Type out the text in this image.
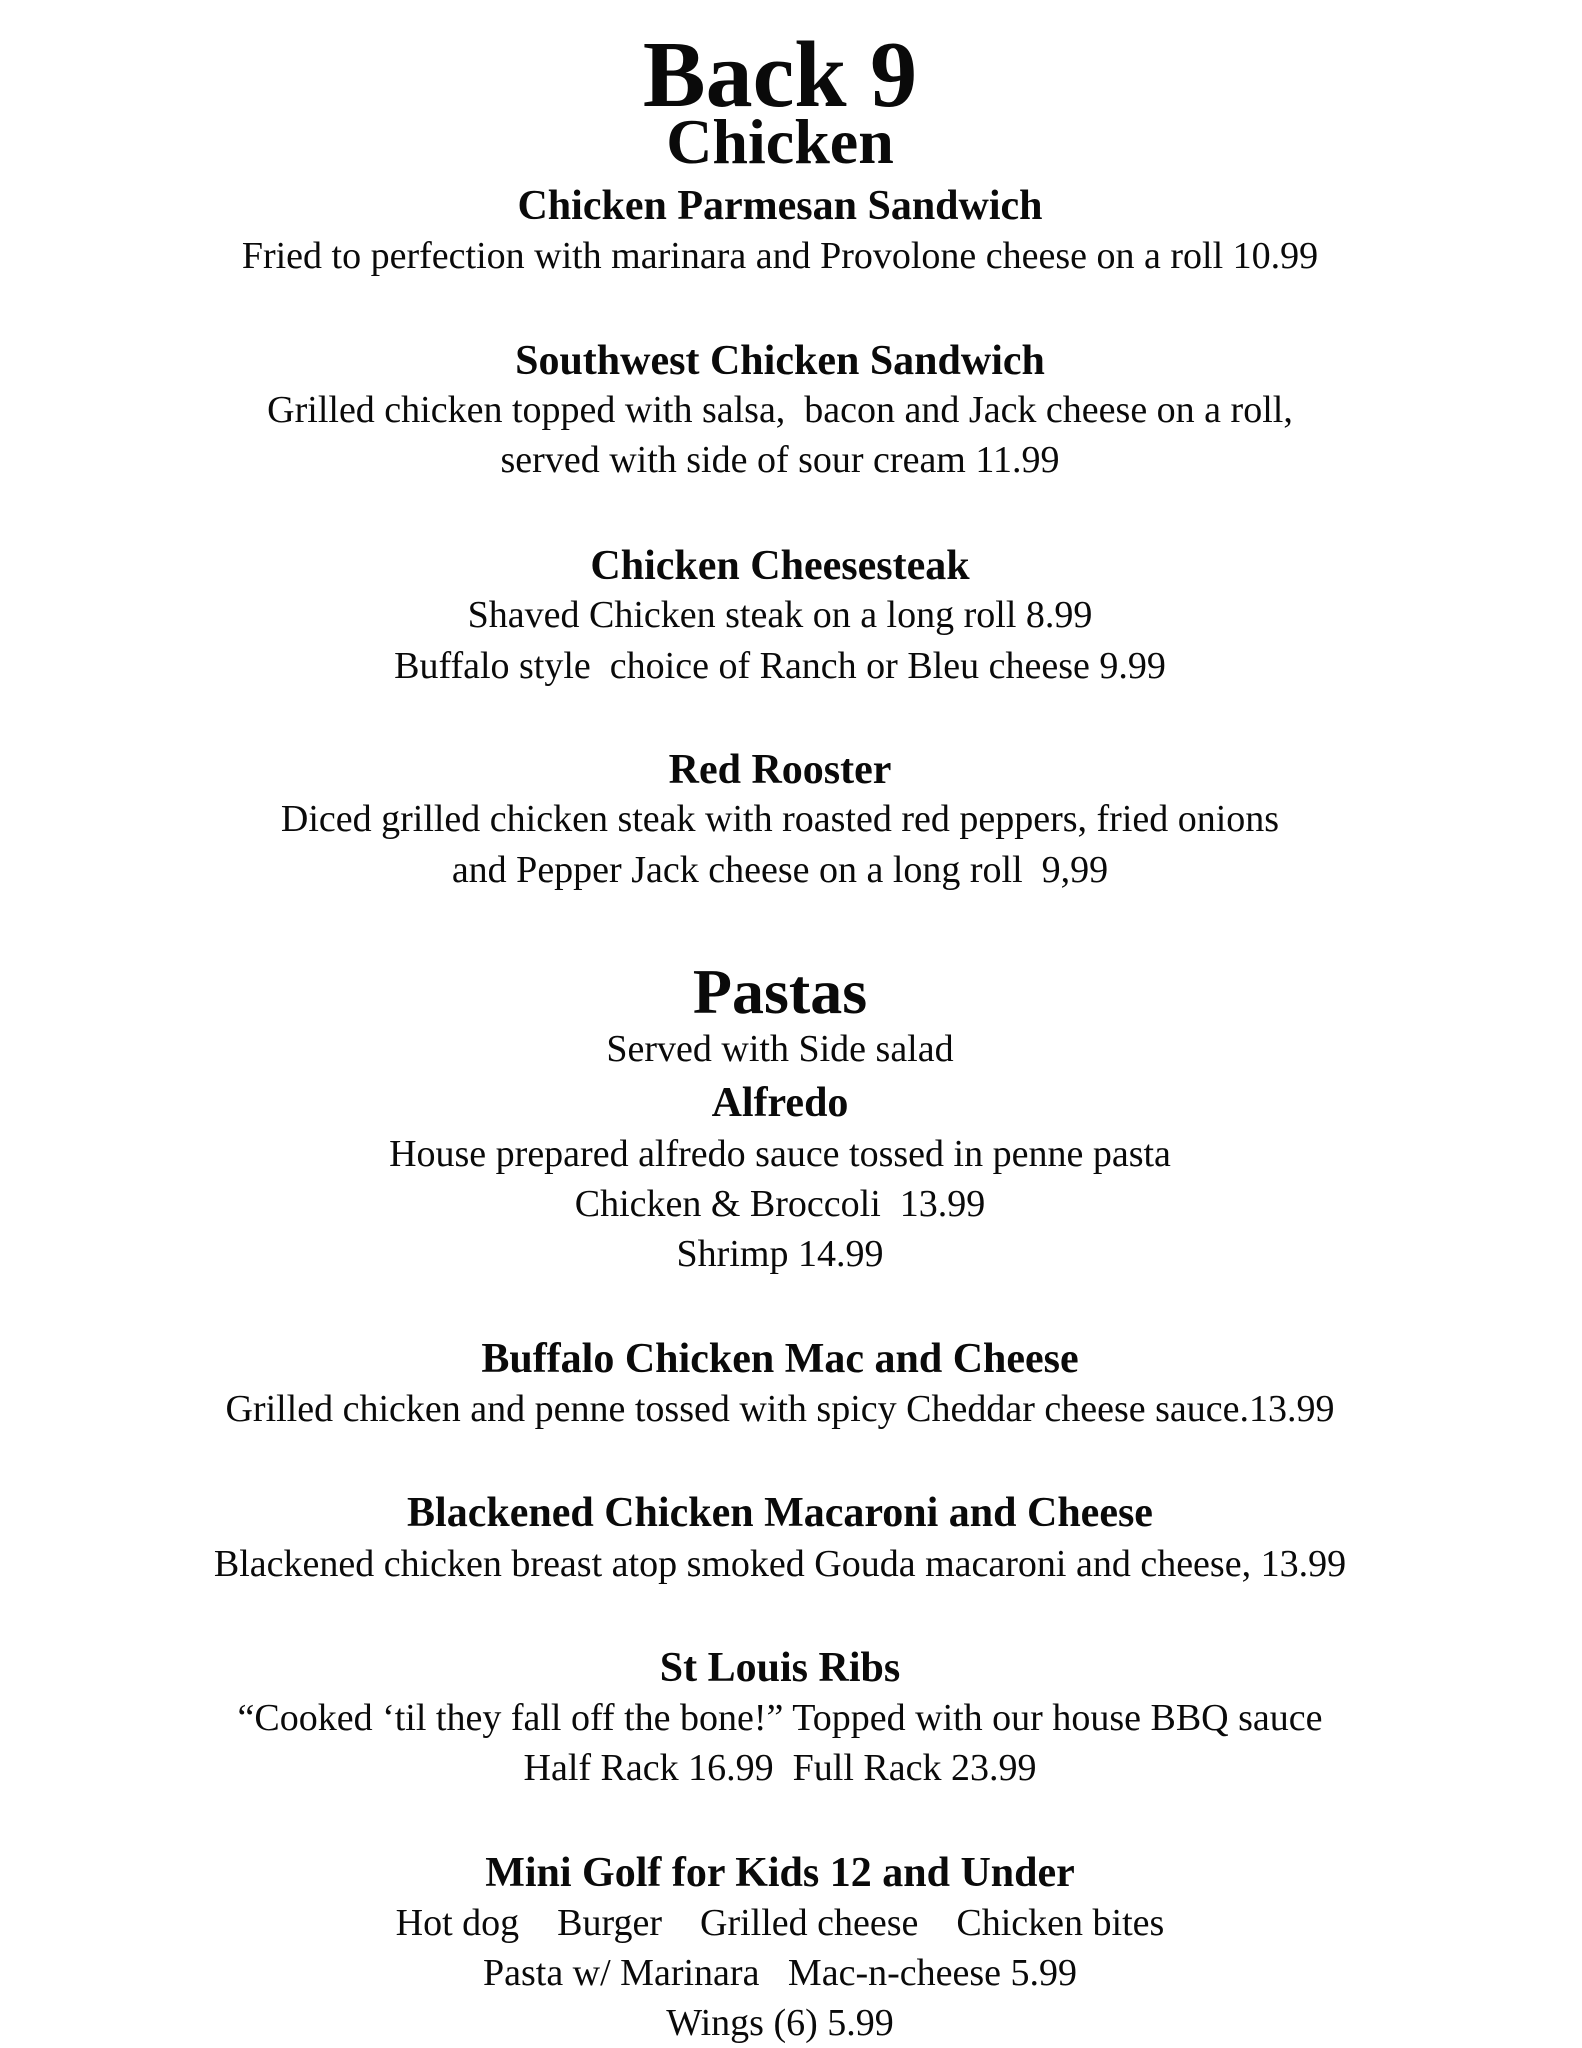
Back 9
Chicken
Chicken Parmesan Sandwich
Fried to perfection with marinara and Provolone cheese on a roll 10.99
Southwest Chicken Sandwich
Grilled chicken topped with salsa,  bacon and Jack cheese on a roll,
served with side of sour cream 11.99
Chicken Cheesesteak
Shaved Chicken steak on a long roll 8.99
Buffalo style  choice of Ranch or Bleu cheese 9.99
Red Rooster
Diced grilled chicken steak with roasted red peppers, fried onions
and Pepper Jack cheese on a long roll  9,99
Pastas
Served with Side salad
Alfredo
House prepared alfredo sauce tossed in penne pasta
Chicken & Broccoli  13.99
Shrimp 14.99
Buffalo Chicken Mac and Cheese
Grilled chicken and penne tossed with spicy Cheddar cheese sauce.13.99
Blackened Chicken Macaroni and Cheese
Blackened chicken breast atop smoked Gouda macaroni and cheese, 13.99
St Louis Ribs
“Cooked ‘til they fall off the bone!” Topped with our house BBQ sauce
Half Rack 16.99  Full Rack 23.99
Mini Golf for Kids 12 and Under
Hot dog    Burger    Grilled cheese    Chicken bites
Pasta w/ Marinara   Mac-n-cheese 5.99
Wings (6) 5.99
